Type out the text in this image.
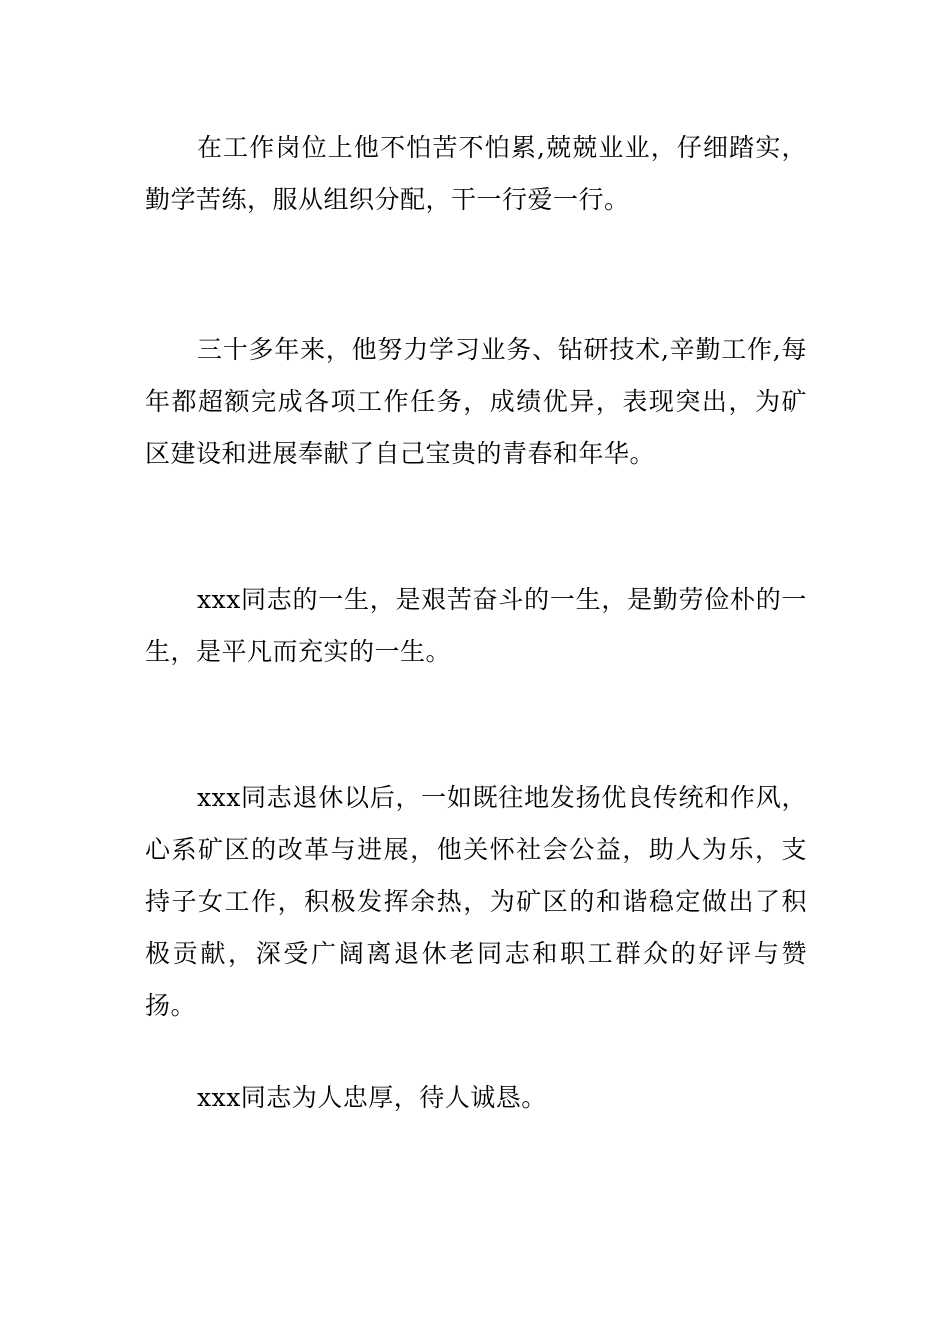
在工作岗位上他不怕苦不怕累,兢兢业业，仔细踏实，勤学苦练，服从组织分配，干一行爱一行。

三十多年来，他努力学习业务、钻研技术,辛勤工作,每年都超额完成各项工作任务，成绩优异，表现突出，为矿区建设和进展奉献了自己宝贵的青春和年华。

xxx同志的一生，是艰苦奋斗的一生，是勤劳俭朴的一生，是平凡而充实的一生。

xxx同志退休以后，一如既往地发扬优良传统和作风，心系矿区的改革与进展，他关怀社会公益，助人为乐，支持子女工作，积极发挥余热，为矿区的和谐稳定做出了积极贡献，深受广阔离退休老同志和职工群众的好评与赞扬。

xxx同志为人忠厚，待人诚恳。
